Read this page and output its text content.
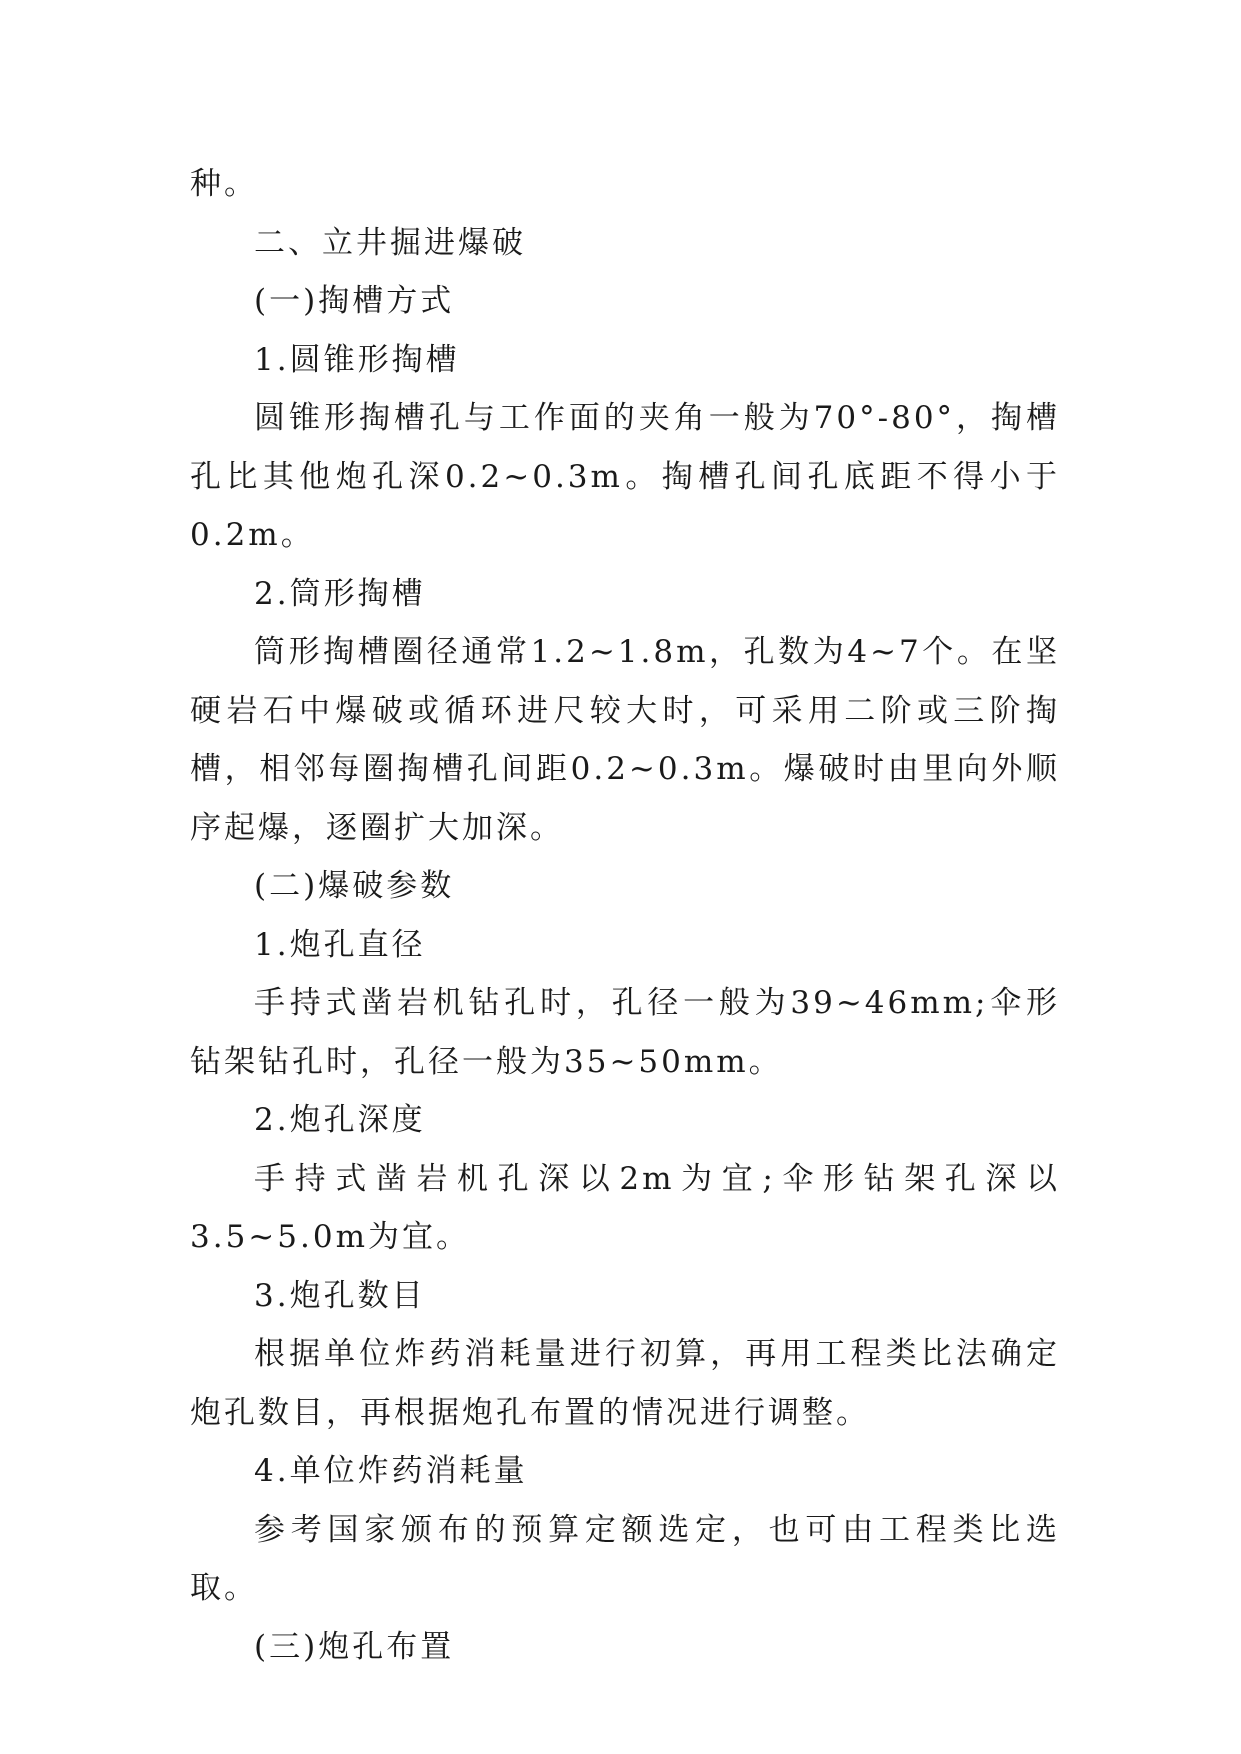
种。

二、立井掘进爆破

(一)掏槽方式

1.圆锥形掏槽

圆锥形掏槽孔与工作面的夹角一般为70°-80°，掏槽孔比其他炮孔深0.2~0.3m。掏槽孔间孔底距不得小于0.2m。

2.筒形掏槽

筒形掏槽圈径通常1.2~1.8m，孔数为4~7个。在坚硬岩石中爆破或循环进尺较大时，可采用二阶或三阶掏槽，相邻每圈掏槽孔间距0.2~0.3m。爆破时由里向外顺序起爆，逐圈扩大加深。

(二)爆破参数

1.炮孔直径

手持式凿岩机钻孔时，孔径一般为39~46mm;伞形钻架钻孔时，孔径一般为35~50mm。

2.炮孔深度

手持式凿岩机孔深以2m为宜;伞形钻架孔深以3.5~5.0m为宜。

3.炮孔数目

根据单位炸药消耗量进行初算，再用工程类比法确定炮孔数目，再根据炮孔布置的情况进行调整。

4.单位炸药消耗量

参考国家颁布的预算定额选定，也可由工程类比选取。

(三)炮孔布置
